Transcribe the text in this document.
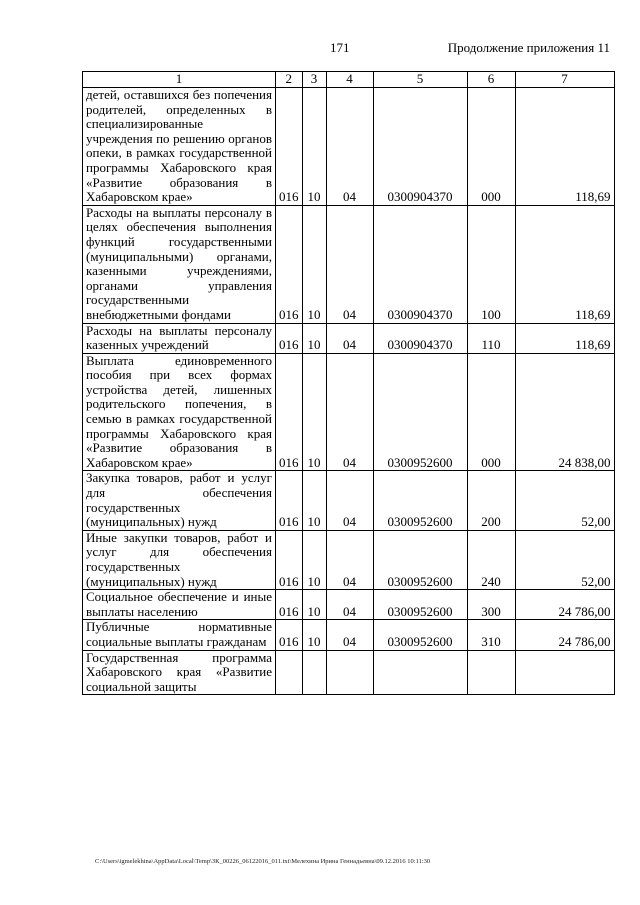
171	Продолжение приложения 11
1	2	3	4	5	6	7
детей, оставшихся без попечения родителей, определенных в специализированные учреждения по решению органов опеки, в рамках государственной программы Хабаровского края «Развитие образования в Хабаровском крае»	016	10	04	0300904370	000	118,69
Расходы на выплаты персоналу в целях обеспечения выполнения функций государственными (муниципальными) органами, казенными учреждениями, органами управления государственными внебюджетными фондами	016	10	04	0300904370	100	118,69
Расходы на выплаты персоналу казенных учреждений	016	10	04	0300904370	110	118,69
Выплата единовременного пособия при всех формах устройства детей, лишенных родительского попечения, в семью в рамках государственной программы Хабаровского края «Развитие образования в Хабаровском крае»	016	10	04	0300952600	000	24 838,00
Закупка товаров, работ и услуг для обеспечения государственных (муниципальных) нужд	016	10	04	0300952600	200	52,00
Иные закупки товаров, работ и услуг для обеспечения государственных (муниципальных) нужд	016	10	04	0300952600	240	52,00
Социальное обеспечение и иные выплаты населению	016	10	04	0300952600	300	24 786,00
Публичные нормативные социальные выплаты гражданам	016	10	04	0300952600	310	24 786,00
Государственная программа Хабаровского края «Развитие социальной защиты						
C:\Users\igmelekhina\AppData\Local\Temp\ЗК_00226_06122016_011.txt\Мелехина Ирина Геннадьевна\09.12.2016 10:11:30
